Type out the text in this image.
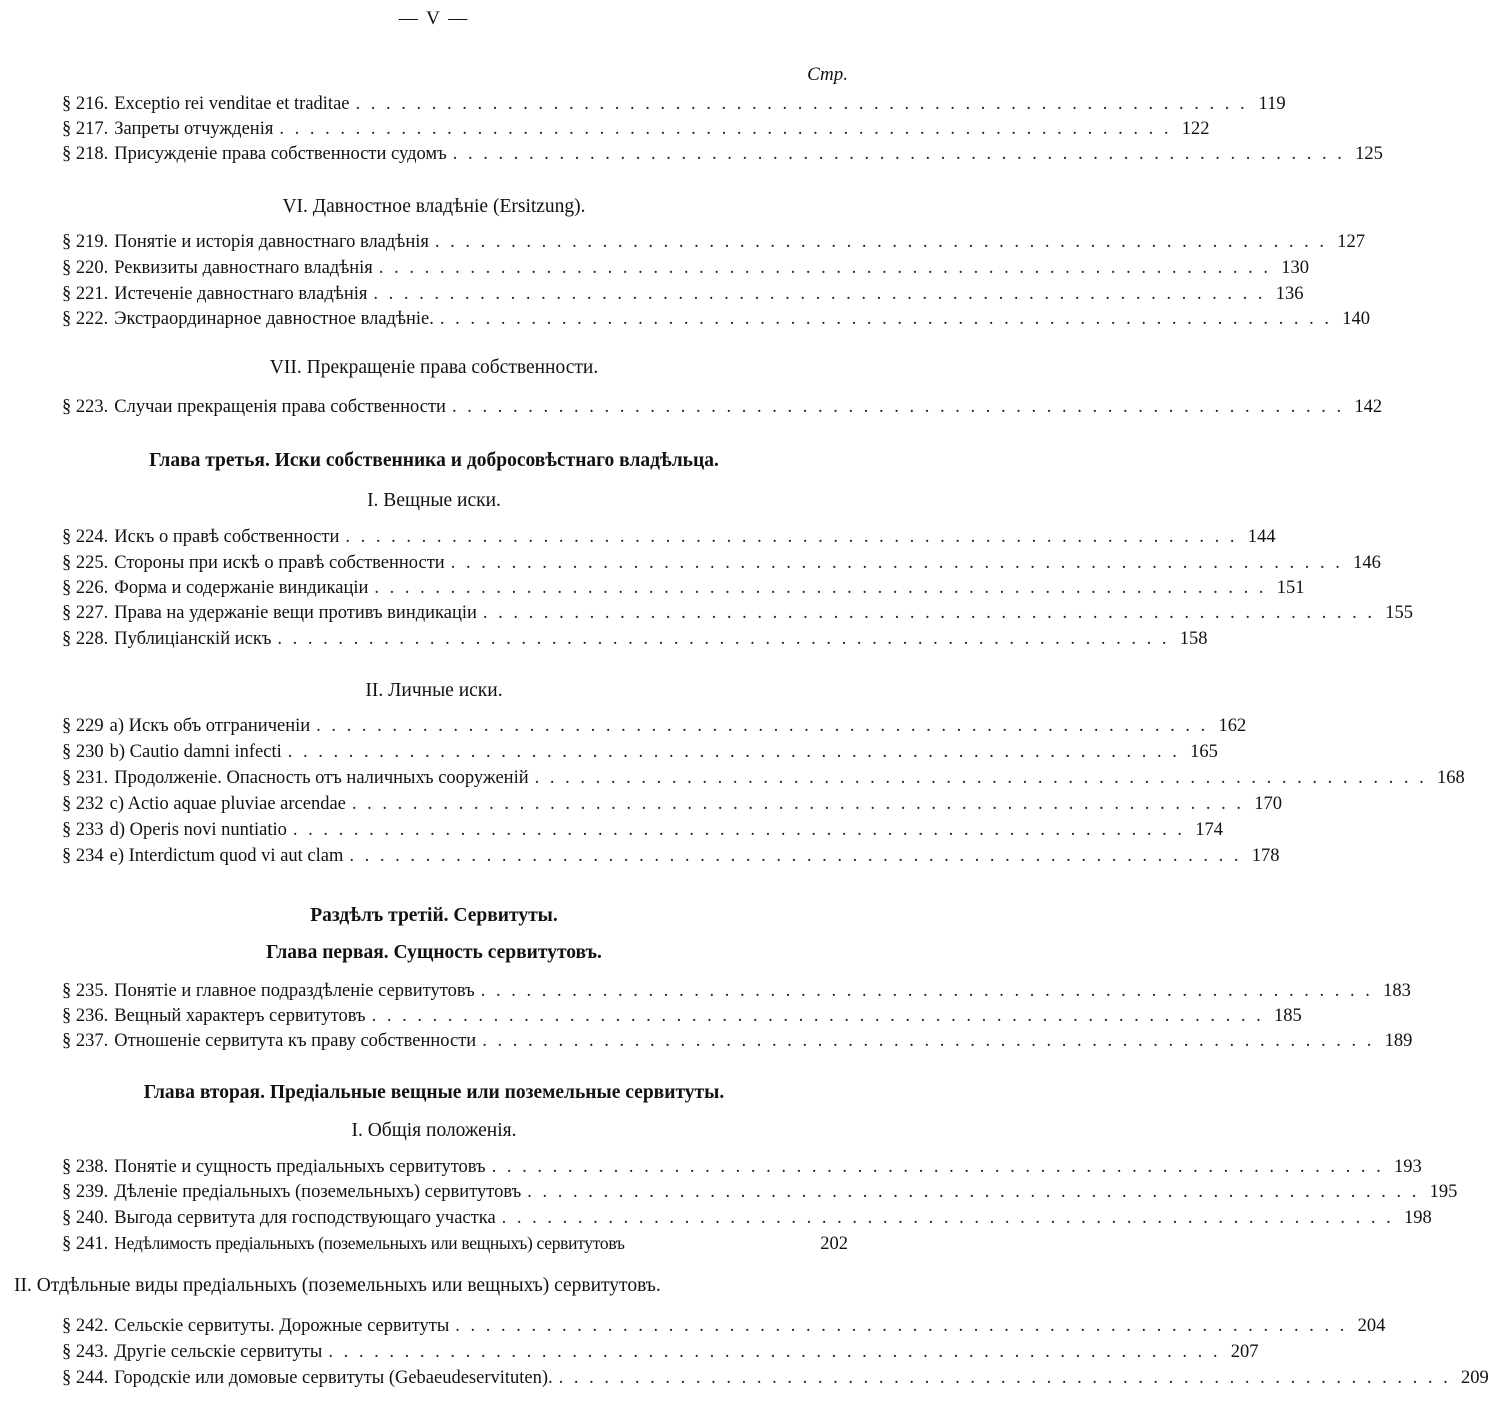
— V —
Стр.
VI. Давностное владѣніе (Ersitzung).
VII. Прекращеніе права собственности.
Глава третья. Иски собственника и добросовѣстнаго владѣльца.
I. Вещные иски.
II. Личные иски.
Раздѣлъ третій. Сервитуты.
Глава первая. Сущность сервитутовъ.
Глава вторая. Предіальные вещные или поземельные сервитуты.
I. Общія положенія.
II. Отдѣльные виды предіальныхъ (поземельныхъ или вещныхъ) сервитутовъ.
§ 216. Exceptio rei venditae et traditae . . .	119
§ 217. Запреты отчужденія . . .	122
§ 218. Присужденіе права собственности судомъ . . .	125
§ 219. Понятіе и исторія давностнаго владѣнія . . .	127
§ 220. Реквизиты давностнаго владѣнія . . .	130
§ 221. Истеченіе давностнаго владѣнія . . .	136
§ 222. Экстраординарное давностное владѣніе. . . .	140
§ 223. Случаи прекращенія права собственности . . .	142
§ 224. Искъ о правѣ собственности . . .	144
§ 225. Стороны при искѣ о правѣ собственности . . .	146
§ 226. Форма и содержаніе виндикаціи . . .	151
§ 227. Права на удержаніе вещи противъ виндикаціи . . .	155
§ 228. Публиціанскій искъ . . .	158
§ 229 a) Искъ объ отграниченіи . . .	162
§ 230 b) Cautio damni infecti . . .	165
§ 231. Продолженіе. Опасность отъ наличныхъ сооруженій . . .	168
§ 232 c) Actio aquae pluviae arcendae . . .	170
§ 233 d) Operis novi nuntiatio . . .	174
§ 234 e) Interdictum quod vi aut clam . . .	178
§ 235. Понятіе и главное подраздѣленіе сервитутовъ . . .	183
§ 236. Вещный характеръ сервитутовъ . . .	185
§ 237. Отношеніе сервитута къ праву собственности . . .	189
§ 238. Понятіе и сущность предіальныхъ сервитутовъ . . .	193
§ 239. Дѣленіе предіальныхъ (поземельныхъ) сервитутовъ . . .	195
§ 240. Выгода сервитута для господствующаго участка . . .	198
§ 241. Недѣлимость предіальныхъ (поземельныхъ или вещныхъ) сервитутовъ	202
§ 242. Сельскіе сервитуты. Дорожные сервитуты . . .	204
§ 243. Другіе сельскіе сервитуты . . .	207
§ 244. Городскіе или домовые сервитуты (Gebaeudeservituten). . . .	209
